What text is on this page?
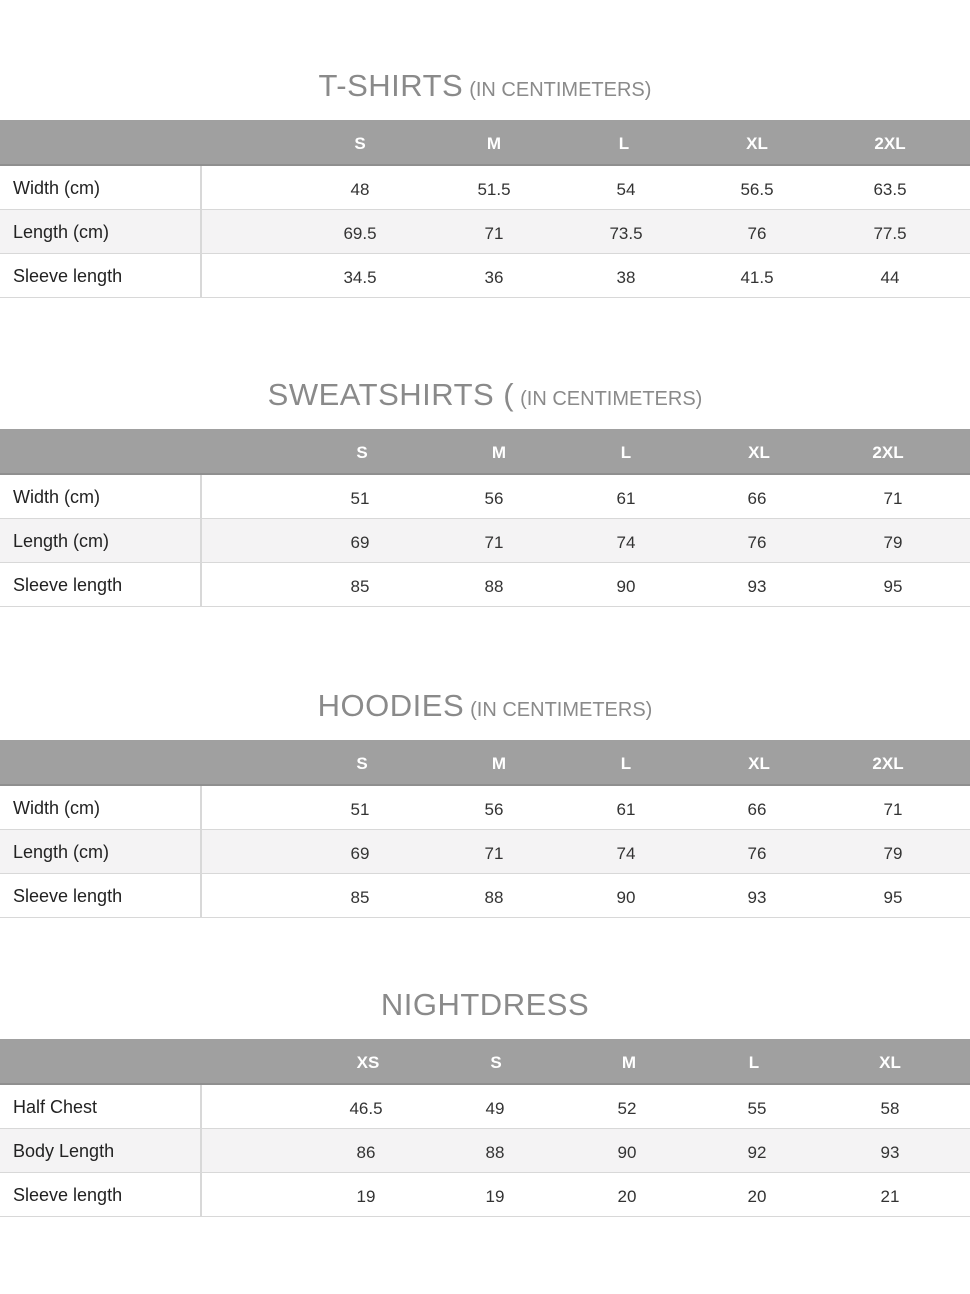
T-SHIRTS (IN CENTIMETERS)
S	M	L	XL	2XL
Width (cm)	48	51.5	54	56.5	63.5
Length (cm)	69.5	71	73.5	76	77.5
Sleeve length	34.5	36	38	41.5	44
SWEATSHIRTS ( (IN CENTIMETERS)
S	M	L	XL	2XL
Width (cm)	51	56	61	66	71
Length (cm)	69	71	74	76	79
Sleeve length	85	88	90	93	95
HOODIES (IN CENTIMETERS)
S	M	L	XL	2XL
Width (cm)	51	56	61	66	71
Length (cm)	69	71	74	76	79
Sleeve length	85	88	90	93	95
NIGHTDRESS
XS	S	M	L	XL
Half Chest	46.5	49	52	55	58
Body Length	86	88	90	92	93
Sleeve length	19	19	20	20	21
